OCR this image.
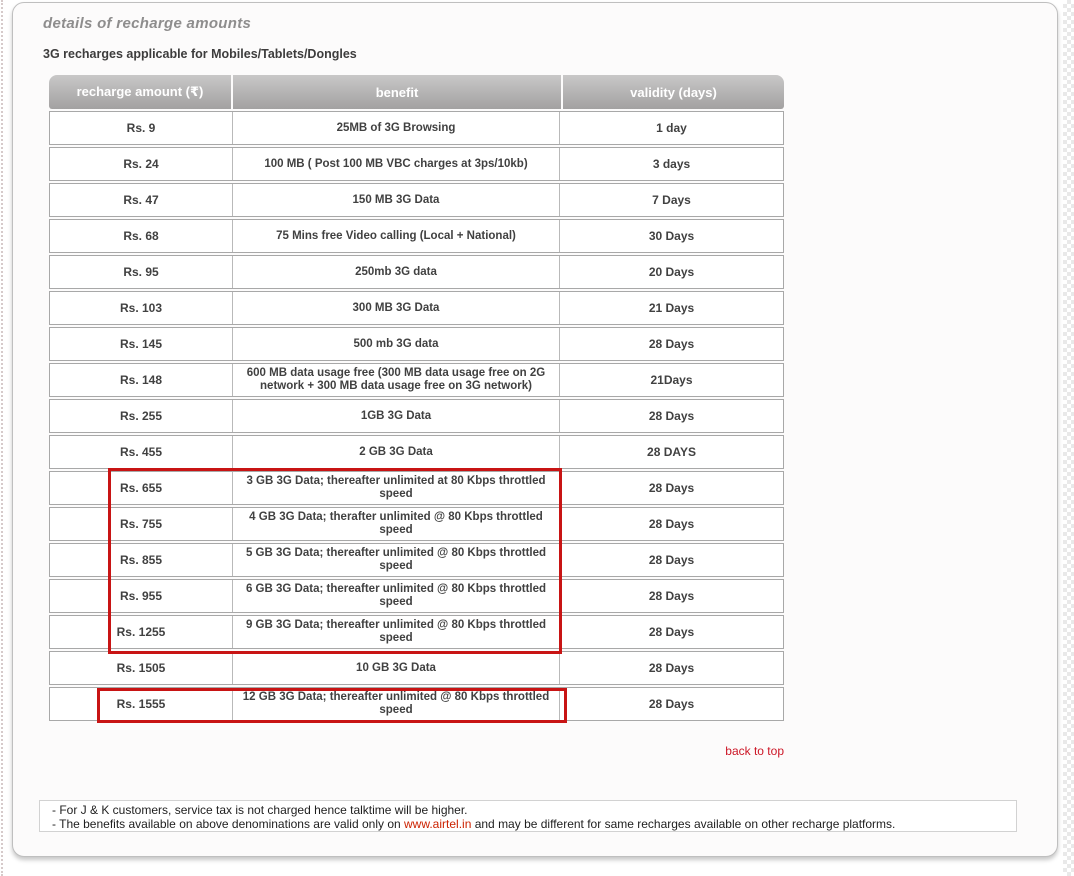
details of recharge amounts
3G recharges applicable for Mobiles/Tablets/Dongles
recharge amount (₹)	benefit	validity (days)
Rs. 9	25MB of 3G Browsing	1 day
Rs. 24	100 MB ( Post 100 MB VBC charges at 3ps/10kb)	3 days
Rs. 47	150 MB 3G Data	7 Days
Rs. 68	75 Mins free Video calling (Local + National)	30 Days
Rs. 95	250mb 3G data	20 Days
Rs. 103	300 MB 3G Data	21 Days
Rs. 145	500 mb 3G data	28 Days
Rs. 148	600 MB data usage free (300 MB data usage free on 2G network + 300 MB data usage free on 3G network)	21Days
Rs. 255	1GB 3G Data	28 Days
Rs. 455	2 GB 3G Data	28 DAYS
Rs. 655	3 GB 3G Data; thereafter unlimited at 80 Kbps throttled speed	28 Days
Rs. 755	4 GB 3G Data; therafter unlimited @ 80 Kbps throttled speed	28 Days
Rs. 855	5 GB 3G Data; thereafter unlimited @ 80 Kbps throttled speed	28 Days
Rs. 955	6 GB 3G Data; thereafter unlimited @ 80 Kbps throttled speed	28 Days
Rs. 1255	9 GB 3G Data; thereafter unlimited @ 80 Kbps throttled speed	28 Days
Rs. 1505	10 GB 3G Data	28 Days
Rs. 1555	12 GB 3G Data; thereafter unlimited @ 80 Kbps throttled speed	28 Days
back to top
- For J & K customers, service tax is not charged hence talktime will be higher.
- The benefits available on above denominations are valid only on www.airtel.in and may be different for same recharges available on other recharge platforms.
